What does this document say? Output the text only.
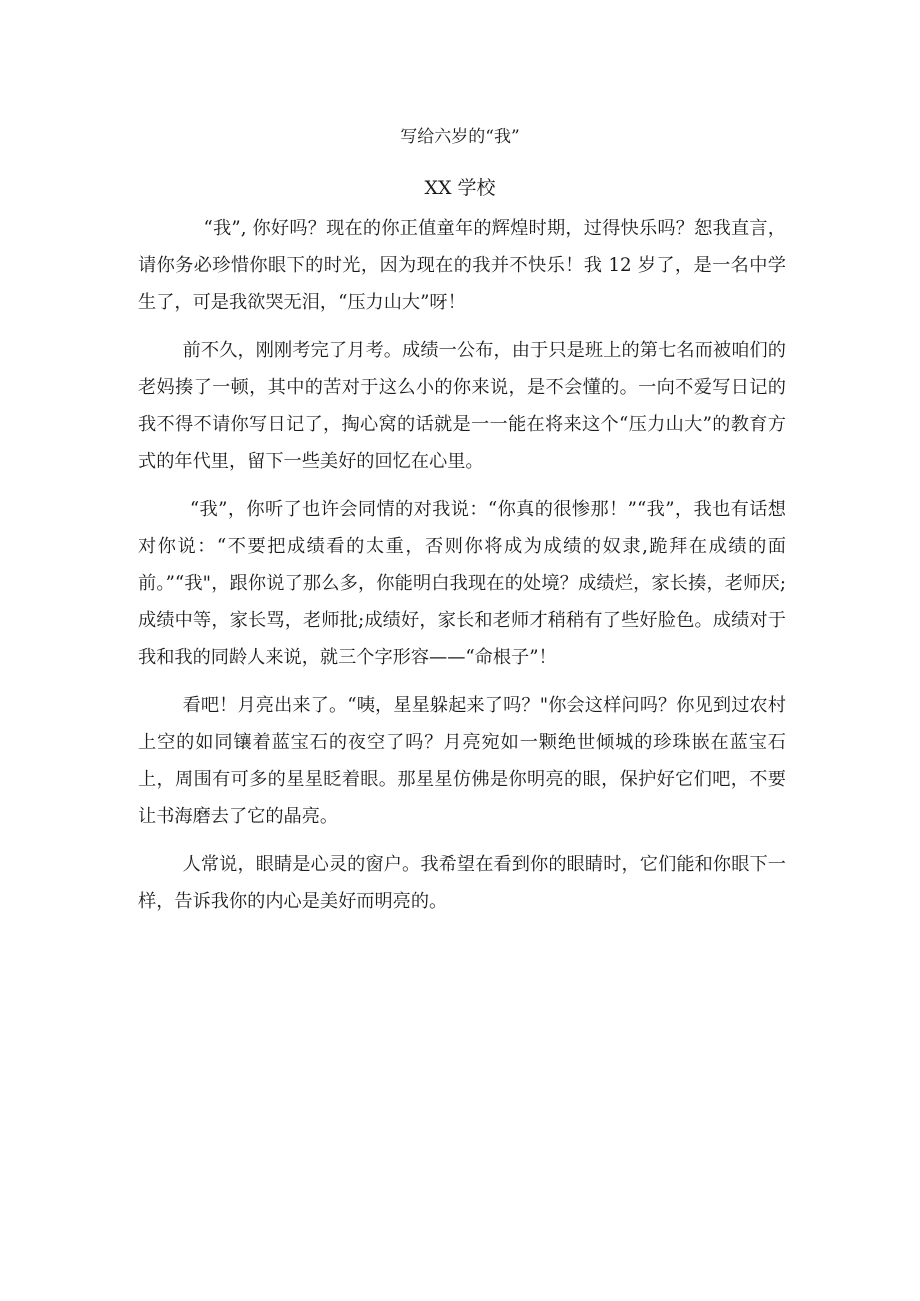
写给六岁的“我”
XX 学校

“我”, 你好吗？现在的你正值童年的辉煌时期，过得快乐吗？恕我直言，请你务必珍惜你眼下的时光，因为现在的我并不快乐！我 12 岁了，是一名中学生了，可是我欲哭无泪，“压力山大”呀！

前不久，刚刚考完了月考。成绩一公布，由于只是班上的第七名而被咱们的老妈揍了一顿，其中的苦对于这么小的你来说，是不会懂的。一向不爱写日记的我不得不请你写日记了，掏心窝的话就是一一能在将来这个“压力山大”的教育方式的年代里，留下一些美好的回忆在心里。

“我”，你听了也许会同情的对我说：“你真的很惨那！”“我”，我也有话想对你说：“不要把成绩看的太重，否则你将成为成绩的奴隶,跪拜在成绩的面前。”“我"，跟你说了那么多，你能明白我现在的处境？成绩烂，家长揍，老师厌;成绩中等，家长骂，老师批;成绩好，家长和老师才稍稍有了些好脸色。成绩对于我和我的同龄人来说，就三个字形容——“命根子”！

看吧！月亮出来了。“咦，星星躲起来了吗？"你会这样问吗？你见到过农村上空的如同镶着蓝宝石的夜空了吗？月亮宛如一颗绝世倾城的珍珠嵌在蓝宝石上，周围有可多的星星眨着眼。那星星仿佛是你明亮的眼，保护好它们吧，不要让书海磨去了它的晶亮。

人常说，眼睛是心灵的窗户。我希望在看到你的眼睛时，它们能和你眼下一样，告诉我你的内心是美好而明亮的。
